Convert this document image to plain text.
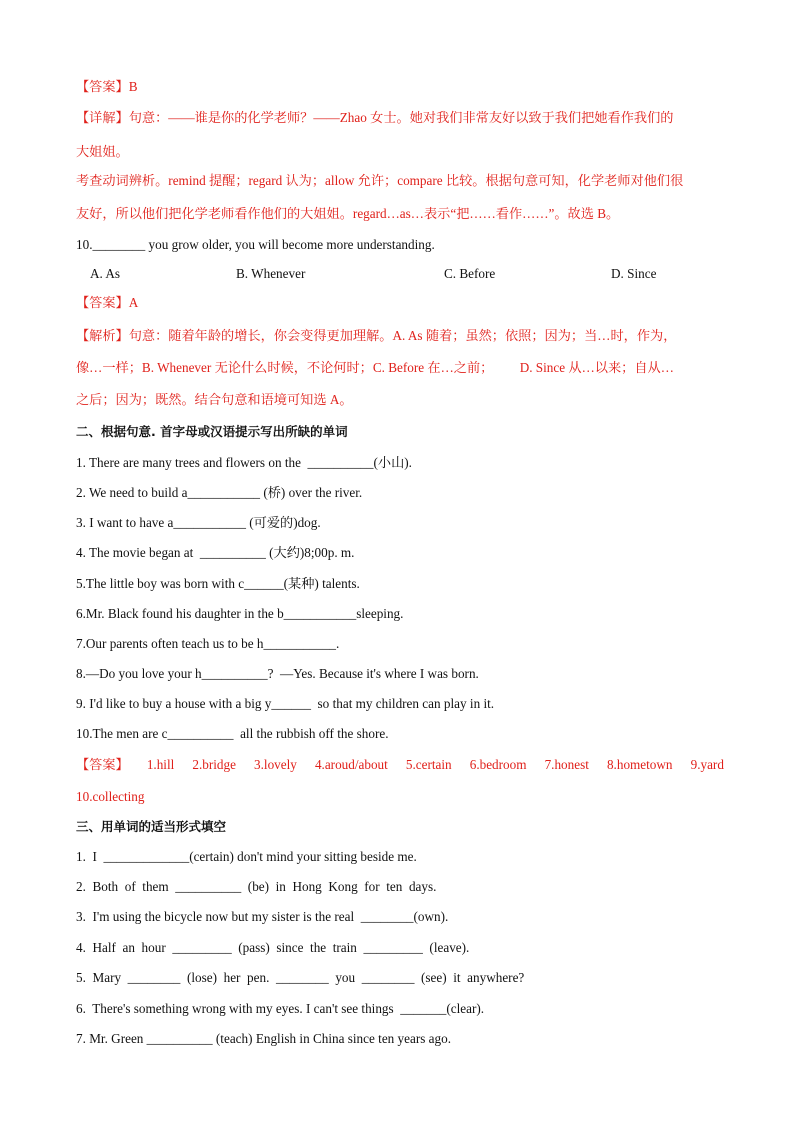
【答案】B
【详解】句意：——谁是你的化学老师？——Zhao 女士。她对我们非常友好以致于我们把她看作我们的
大姐姐。
考查动词辨析。remind 提醒；regard 认为；allow 允许；compare 比较。根据句意可知，化学老师对他们很
友好，所以他们把化学老师看作他们的大姐姐。regard…as…表示“把……看作……”。故选 B。
10.________ you grow older, you will become more understanding.
A. As	B. Whenever	C. Before	D. Since
【答案】A
【解析】句意：随着年龄的增长，你会变得更加理解。A. As 随着；虽然；依照；因为；当…时，作为，
像…一样；B. Whenever 无论什么时候，不论何时；C. Before 在…之前；        D. Since 从…以来；自从…
之后；因为；既然。结合句意和语境可知选 A。
二、根据句意. 首字母或汉语提示写出所缺的单词
1. There are many trees and flowers on the  __________(小山).
2. We need to build a___________ (桥) over the river.
3. I want to have a___________ (可爱的)dog.
4. The movie began at  __________ (大约)8;00p. m.
5.The little boy was born with c______(某种) talents.
6.Mr. Black found his daughter in the b___________sleeping.
7.Our parents often teach us to be h___________.
8.—Do you love your h__________?  —Yes. Because it's where I was born.
9. I'd like to buy a house with a big y______  so that my children can play in it.
10.The men are c__________  all the rubbish off the shore.
【答案】 1.hill 2.bridge 3.lovely 4.aroud/about 5.certain 6.bedroom 7.honest 8.hometown 9.yard
10.collecting
三、用单词的适当形式填空
1.  I  _____________(certain) don't mind your sitting beside me.
2.  Both  of  them  __________  (be)  in  Hong  Kong  for  ten  days.
3.  I'm using the bicycle now but my sister is the real  ________(own).
4.  Half  an  hour  _________  (pass)  since  the  train  _________  (leave).
5.  Mary  ________  (lose)  her  pen.  ________  you  ________  (see)  it  anywhere?
6.  There's something wrong with my eyes. I can't see things  _______(clear).
7. Mr. Green __________ (teach) English in China since ten years ago.
